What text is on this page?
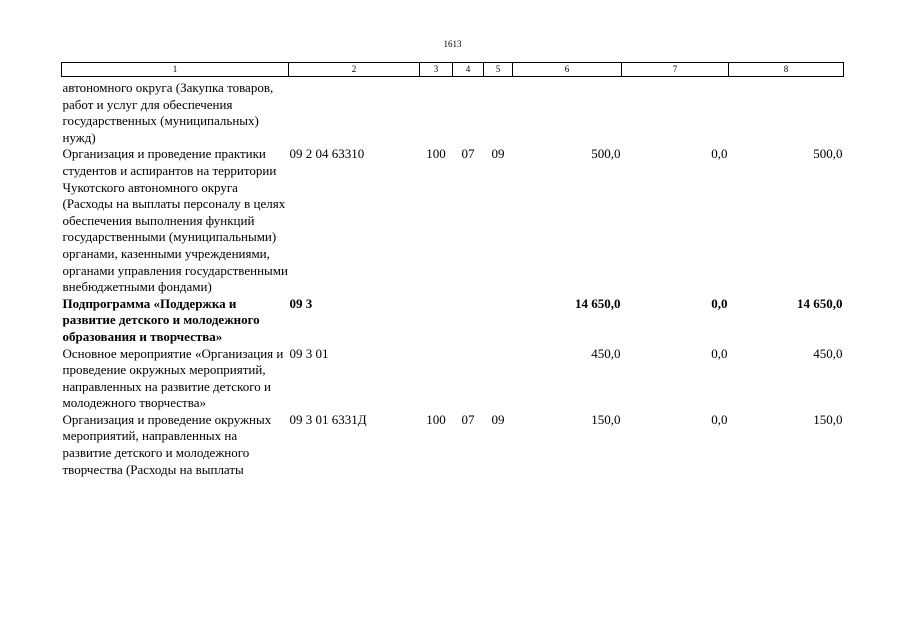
1613
1	2	3	4	5	6	7	8
автономного округа (Закупка товаров, работ и услуг для обеспечения государственных (муниципальных) нужд)							
Организация и проведение практики студентов и аспирантов на территории Чукотского автономного округа (Расходы на выплаты персоналу в целях обеспечения выполнения функций государственными (муниципальными) органами, казенными учреждениями, органами управления государственными внебюджетными фондами)	09 2 04 63310	100	07	09	500,0	0,0	500,0
Подпрограмма «Поддержка и развитие детского и молодежного образования и творчества»	09 3				14 650,0	0,0	14 650,0
Основное мероприятие «Организация и проведение окружных мероприятий, направленных на развитие детского и молодежного творчества»	09 3 01				450,0	0,0	450,0
Организация и проведение окружных мероприятий, направленных на развитие детского и молодежного творчества (Расходы на выплаты	09 3 01 6331Д	100	07	09	150,0	0,0	150,0
